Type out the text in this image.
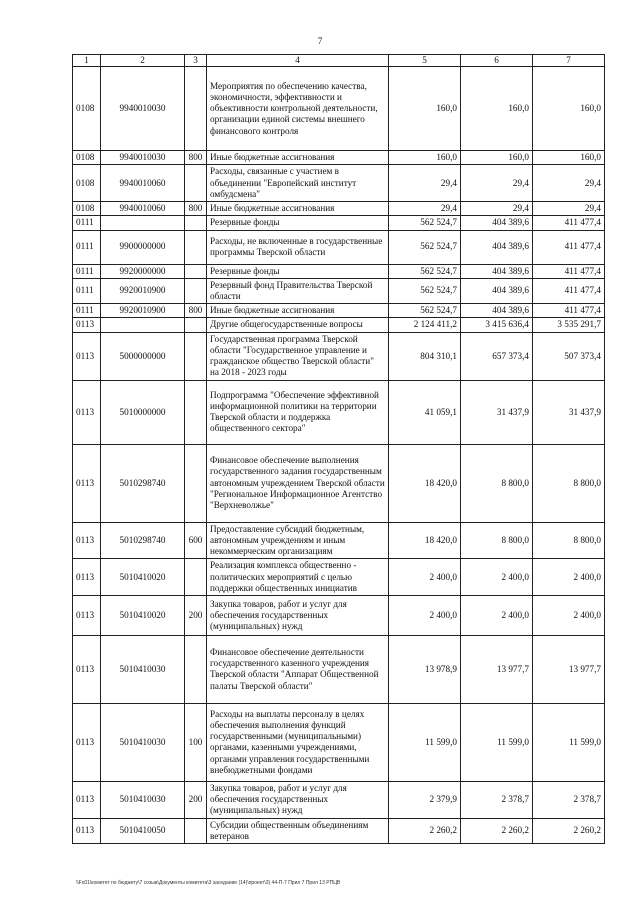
7
1	2	3	4	5	6	7
0108	9940010030		Мероприятия по обеспечению качества, экономичности, эффективности и объективности контрольной деятельности, организации единой системы внешнего финансового контроля	160,0	160,0	160,0
0108	9940010030	800	Иные бюджетные ассигнования	160,0	160,0	160,0
0108	9940010060		Расходы, связанные с участием в объединении "Европейский институт омбудсмена"	29,4	29,4	29,4
0108	9940010060	800	Иные бюджетные ассигнования	29,4	29,4	29,4
0111			Резервные фонды	562 524,7	404 389,6	411 477,4
0111	9900000000		Расходы, не включенные в государственные программы Тверской области	562 524,7	404 389,6	411 477,4
0111	9920000000		Резервные фонды	562 524,7	404 389,6	411 477,4
0111	9920010900		Резервный фонд Правительства Тверской области	562 524,7	404 389,6	411 477,4
0111	9920010900	800	Иные бюджетные ассигнования	562 524,7	404 389,6	411 477,4
0113			Другие общегосударственные вопросы	2 124 411,2	3 415 636,4	3 535 291,7
0113	5000000000		Государственная программа Тверской области "Государственное управление и гражданское общество Тверской области" на 2018 - 2023 годы	804 310,1	657 373,4	507 373,4
0113	5010000000		Подпрограмма "Обеспечение эффективной информационной политики на территории Тверской области и поддержка общественного сектора"	41 059,1	31 437,9	31 437,9
0113	5010298740		Финансовое обеспечение выполнения государственного задания государственным автономным учреждением Тверской области "Региональное Информационное Агентство "Верхневолжье"	18 420,0	8 800,0	8 800,0
0113	5010298740	600	Предоставление субсидий бюджетным, автономным учреждениям и иным некоммерческим организациям	18 420,0	8 800,0	8 800,0
0113	5010410020		Реализация комплекса общественно - политических мероприятий с целью поддержки общественных инициатив	2 400,0	2 400,0	2 400,0
0113	5010410020	200	Закупка товаров, работ и услуг для обеспечения государственных (муниципальных) нужд	2 400,0	2 400,0	2 400,0
0113	5010410030		Финансовое обеспечение деятельности государственного казенного учреждения Тверской области "Аппарат Общественной палаты Тверской области"	13 978,9	13 977,7	13 977,7
0113	5010410030	100	Расходы на выплаты персоналу в целях обеспечения выполнения функций государственными (муниципальными) органами, казенными учреждениями, органами управления государственными внебюджетными фондами	11 599,0	11 599,0	11 599,0
0113	5010410030	200	Закупка товаров, работ и услуг для обеспечения государственных (муниципальных) нужд	2 379,9	2 378,7	2 378,7
0113	5010410050		Субсидии общественным объединениям ветеранов	2 260,2	2 260,2	2 260,2
\\Fs01\комитет по бюджету\7 созыв\Документы комитета\3 заседание (14)\проект\3) 44-П-7 Прил 7 Прил 13 РПЦВ
